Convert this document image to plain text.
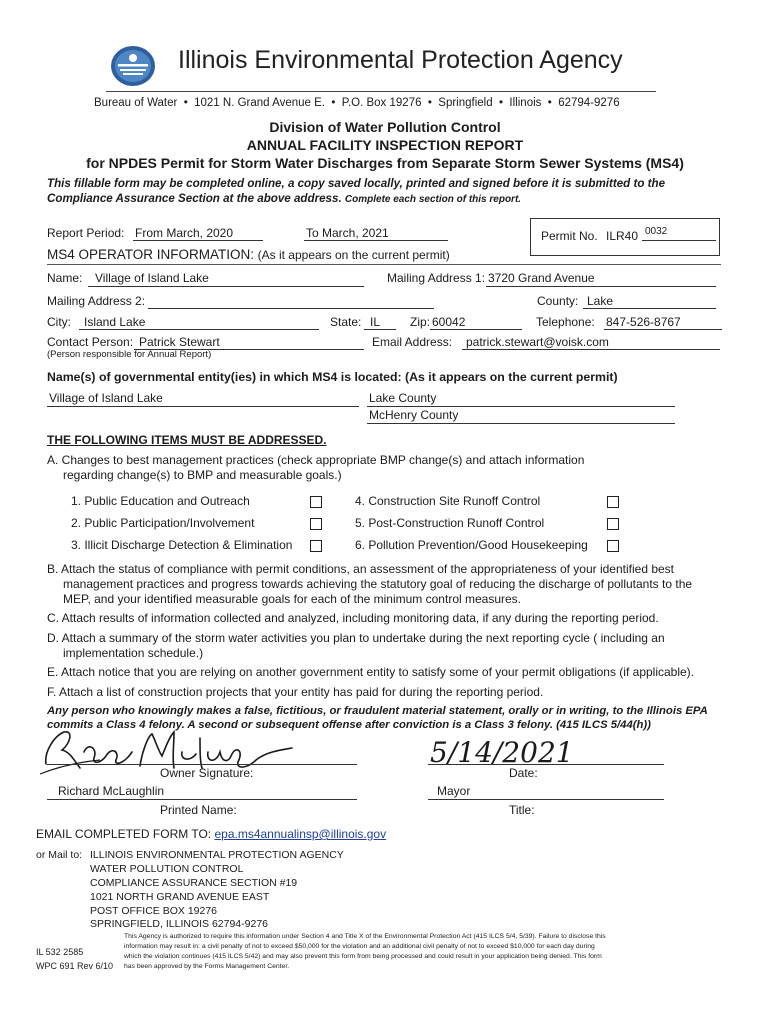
Illinois Environmental Protection Agency
Bureau of Water  •  1021 N. Grand Avenue E.  •  P.O. Box 19276  •  Springfield  •  Illinois  •  62794-9276
Division of Water Pollution Control
ANNUAL FACILITY INSPECTION REPORT
for NPDES Permit for Storm Water Discharges from Separate Storm Sewer Systems (MS4)
This fillable form may be completed online, a copy saved locally, printed and signed before it is submitted to the
Compliance Assurance Section at the above address. Complete each section of this report.
Report Period: From March, 2020	To March, 2021	Permit No. ILR40 0032
MS4 OPERATOR INFORMATION: (As it appears on the current permit)
Name: Village of Island Lake	Mailing Address 1: 3720 Grand Avenue
Mailing Address 2:	County: Lake
City: Island Lake	State: IL Zip: 60042	Telephone: 847-526-8767
Contact Person: Patrick Stewart	Email Address: patrick.stewart@voisk.com
(Person responsible for Annual Report)
Name(s) of governmental entity(ies) in which MS4 is located: (As it appears on the current permit)
Village of Island Lake	Lake County
McHenry County
THE FOLLOWING ITEMS MUST BE ADDRESSED.
A. Changes to best management practices (check appropriate BMP change(s) and attach information
regarding change(s) to BMP and measurable goals.)
1. Public Education and Outreach
2. Public Participation/Involvement
3. Illicit Discharge Detection & Elimination
4. Construction Site Runoff Control
5. Post-Construction Runoff Control
6. Pollution Prevention/Good Housekeeping
B. Attach the status of compliance with permit conditions, an assessment of the appropriateness of your identified best
management practices and progress towards achieving the statutory goal of reducing the discharge of pollutants to the
MEP, and your identified measurable goals for each of the minimum control measures.
C. Attach results of information collected and analyzed, including monitoring data, if any during the reporting period.
D. Attach a summary of the storm water activities you plan to undertake during the next reporting cycle ( including an
implementation schedule.)
E. Attach notice that you are relying on another government entity to satisfy some of your permit obligations (if applicable).
F. Attach a list of construction projects that your entity has paid for during the reporting period.
Any person who knowingly makes a false, fictitious, or fraudulent material statement, orally or in writing, to the Illinois EPA
commits a Class 4 felony. A second or subsequent offense after conviction is a Class 3 felony. (415 ILCS 5/44(h))
Owner Signature:
5/14/2021
Date:
Richard McLaughlin
Printed Name:
Mayor
Title:
EMAIL COMPLETED FORM TO: epa.ms4annualinsp@illinois.gov
or Mail to: ILLINOIS ENVIRONMENTAL PROTECTION AGENCY
WATER POLLUTION CONTROL
COMPLIANCE ASSURANCE SECTION #19
1021 NORTH GRAND AVENUE EAST
POST OFFICE BOX 19276
SPRINGFIELD, ILLINOIS 62794-9276
IL 532 2585
WPC 691 Rev 6/10
This Agency is authorized to require this information under Section 4 and Title X of the Environmental Protection Act (415 ILCS 5/4, 5/39). Failure to disclose this
information may result in: a civil penalty of not to exceed $50,000 for the violation and an additional civil penalty of not to exceed $10,000 for each day during
which the violation continues (415 ILCS 5/42) and may also prevent this form from being processed and could result in your application being denied. This form
has been approved by the Forms Management Center.
